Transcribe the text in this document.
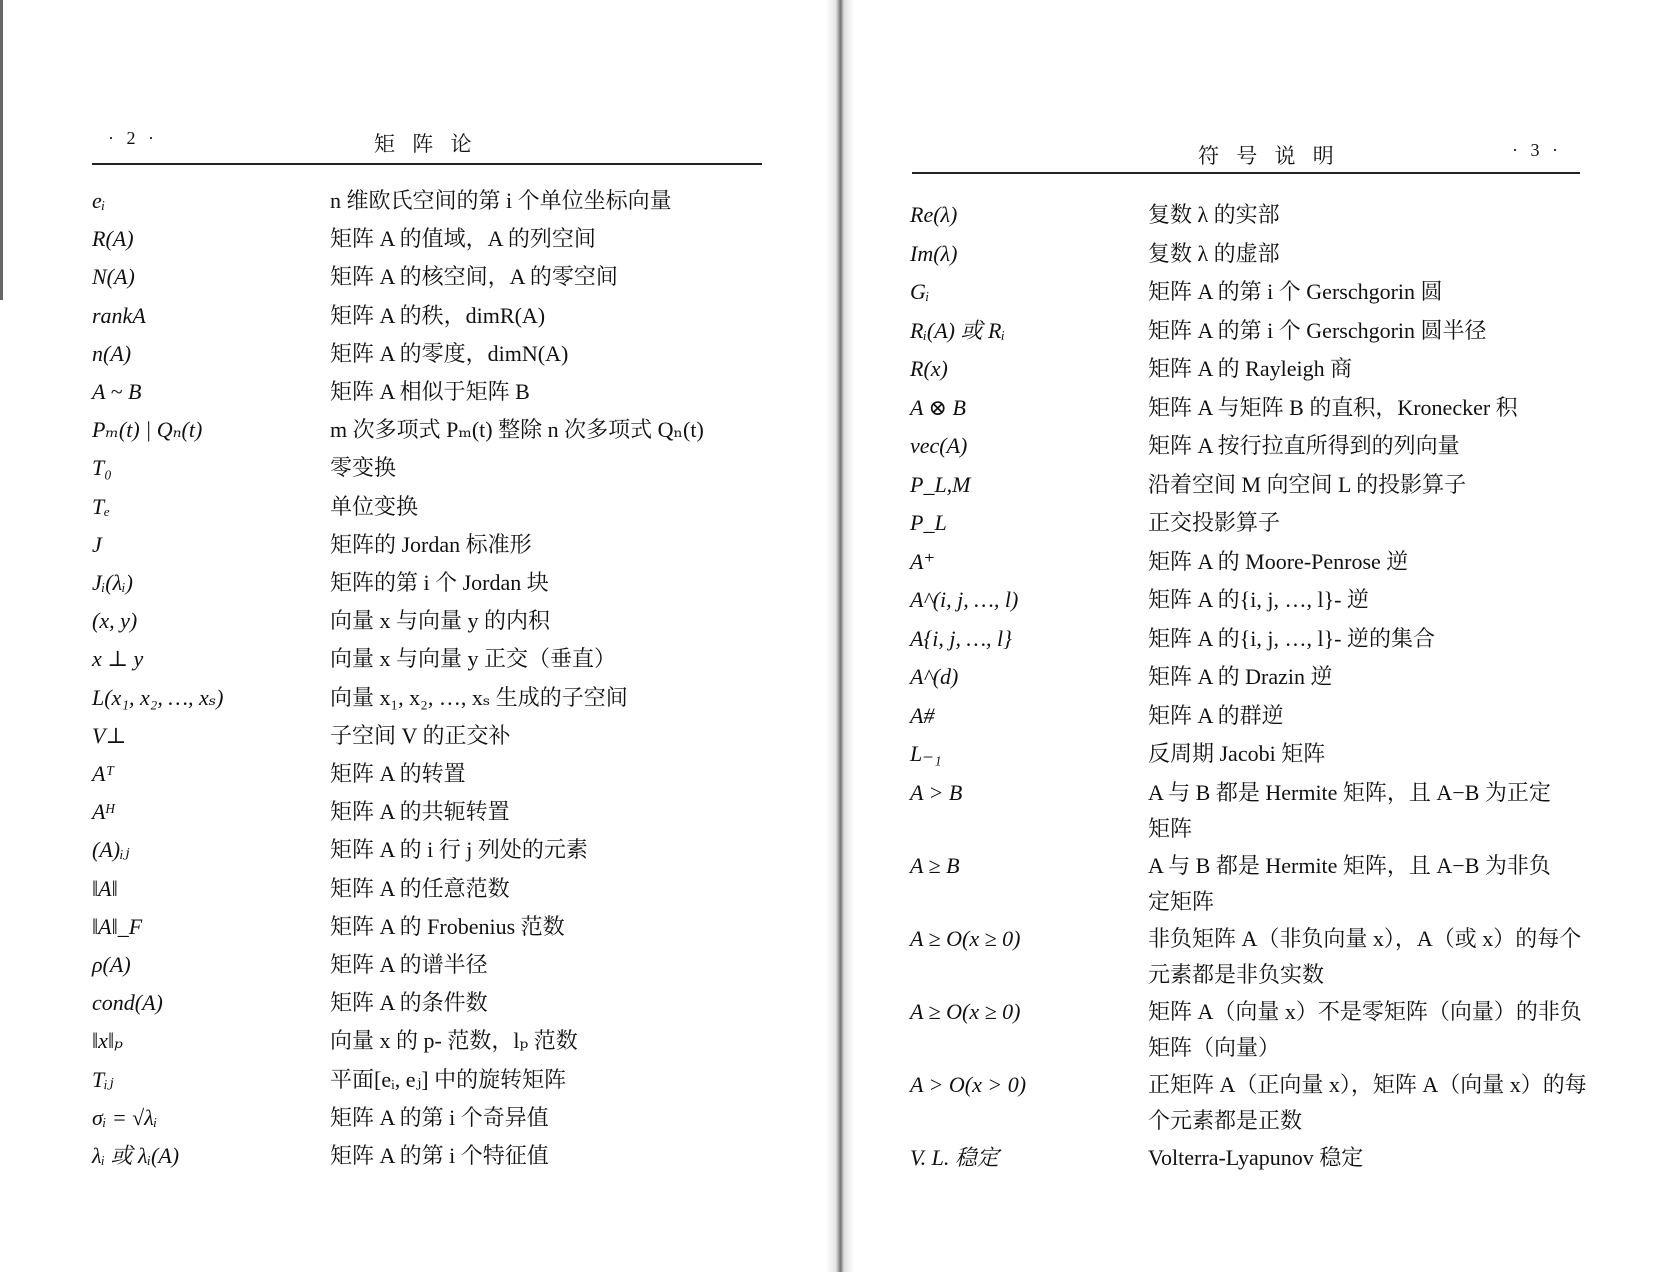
· 2 ·	矩 阵 论
eᵢ	n 维欧氏空间的第 i 个单位坐标向量
R(A)	矩阵 A 的值域，A 的列空间
N(A)	矩阵 A 的核空间，A 的零空间
rankA	矩阵 A 的秩，dimR(A)
n(A)	矩阵 A 的零度，dimN(A)
A ~ B	矩阵 A 相似于矩阵 B
Pₘ(t) | Qₙ(t)	m 次多项式 Pₘ(t) 整除 n 次多项式 Qₙ(t)
T₀	零变换
Tₑ	单位变换
J	矩阵的 Jordan 标准形
Jᵢ(λᵢ)	矩阵的第 i 个 Jordan 块
(x, y)	向量 x 与向量 y 的内积
x ⊥ y	向量 x 与向量 y 正交（垂直）
L(x₁, x₂, …, xₛ)	向量 x₁, x₂, …, xₛ 生成的子空间
V⊥	子空间 V 的正交补
Aᵀ	矩阵 A 的转置
Aᴴ	矩阵 A 的共轭转置
(A)ᵢⱼ	矩阵 A 的 i 行 j 列处的元素
‖A‖	矩阵 A 的任意范数
‖A‖_F	矩阵 A 的 Frobenius 范数
ρ(A)	矩阵 A 的谱半径
cond(A)	矩阵 A 的条件数
‖x‖ₚ	向量 x 的 p- 范数，lₚ 范数
Tᵢⱼ	平面[eᵢ, eⱼ] 中的旋转矩阵
σᵢ = √λᵢ	矩阵 A 的第 i 个奇异值
λᵢ 或 λᵢ(A)	矩阵 A 的第 i 个特征值
符 号 说 明	· 3 ·
Re(λ)	复数 λ 的实部
Im(λ)	复数 λ 的虚部
Gᵢ	矩阵 A 的第 i 个 Gerschgorin 圆
Rᵢ(A) 或 Rᵢ	矩阵 A 的第 i 个 Gerschgorin 圆半径
R(x)	矩阵 A 的 Rayleigh 商
A ⊗ B	矩阵 A 与矩阵 B 的直积，Kronecker 积
vec(A)	矩阵 A 按行拉直所得到的列向量
P_L,M	沿着空间 M 向空间 L 的投影算子
P_L	正交投影算子
A⁺	矩阵 A 的 Moore-Penrose 逆
A^(i, j, …, l)	矩阵 A 的{i, j, …, l}- 逆
A{i, j, …, l}	矩阵 A 的{i, j, …, l}- 逆的集合
A^(d)	矩阵 A 的 Drazin 逆
A#	矩阵 A 的群逆
L₋₁	反周期 Jacobi 矩阵
A > B	A 与 B 都是 Hermite 矩阵，且 A−B 为正定
矩阵
A ≥ B	A 与 B 都是 Hermite 矩阵，且 A−B 为非负
定矩阵
A ≥ O(x ≥ 0)	非负矩阵 A（非负向量 x），A（或 x）的每个
元素都是非负实数
A ≥ O(x ≥ 0)	矩阵 A（向量 x）不是零矩阵（向量）的非负
矩阵（向量）
A > O(x > 0)	正矩阵 A（正向量 x），矩阵 A（向量 x）的每
个元素都是正数
V. L. 稳定	Volterra-Lyapunov 稳定
